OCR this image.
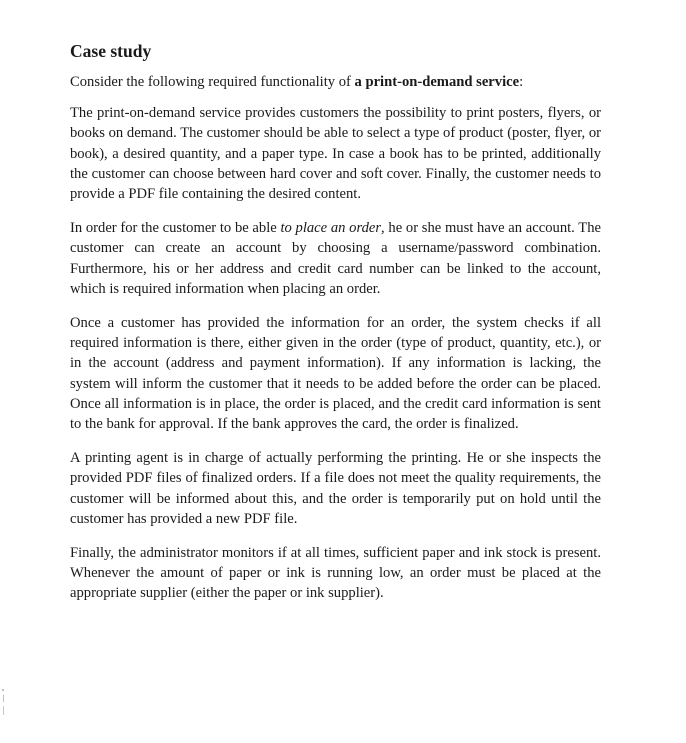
Case study

Consider the following required functionality of a print-on-demand service:

The print-on-demand service provides customers the possibility to print posters, flyers, or books on demand. The customer should be able to select a type of product (poster, flyer, or book), a desired quantity, and a paper type. In case a book has to be printed, additionally the customer can choose between hard cover and soft cover. Finally, the customer needs to provide a PDF file containing the desired content.

In order for the customer to be able to place an order, he or she must have an account. The customer can create an account by choosing a username/password combination. Furthermore, his or her address and credit card number can be linked to the account, which is required information when placing an order.

Once a customer has provided the information for an order, the system checks if all required information is there, either given in the order (type of product, quantity, etc.), or in the account (address and payment information). If any information is lacking, the system will inform the customer that it needs to be added before the order can be placed. Once all information is in place, the order is placed, and the credit card information is sent to the bank for approval. If the bank approves the card, the order is finalized.

A printing agent is in charge of actually performing the printing. He or she inspects the provided PDF files of finalized orders. If a file does not meet the quality requirements, the customer will be informed about this, and the order is temporarily put on hold until the customer has provided a new PDF file.

Finally, the administrator monitors if at all times, sufficient paper and ink stock is present. Whenever the amount of paper or ink is running low, an order must be placed at the appropriate supplier (either the paper or ink supplier).
